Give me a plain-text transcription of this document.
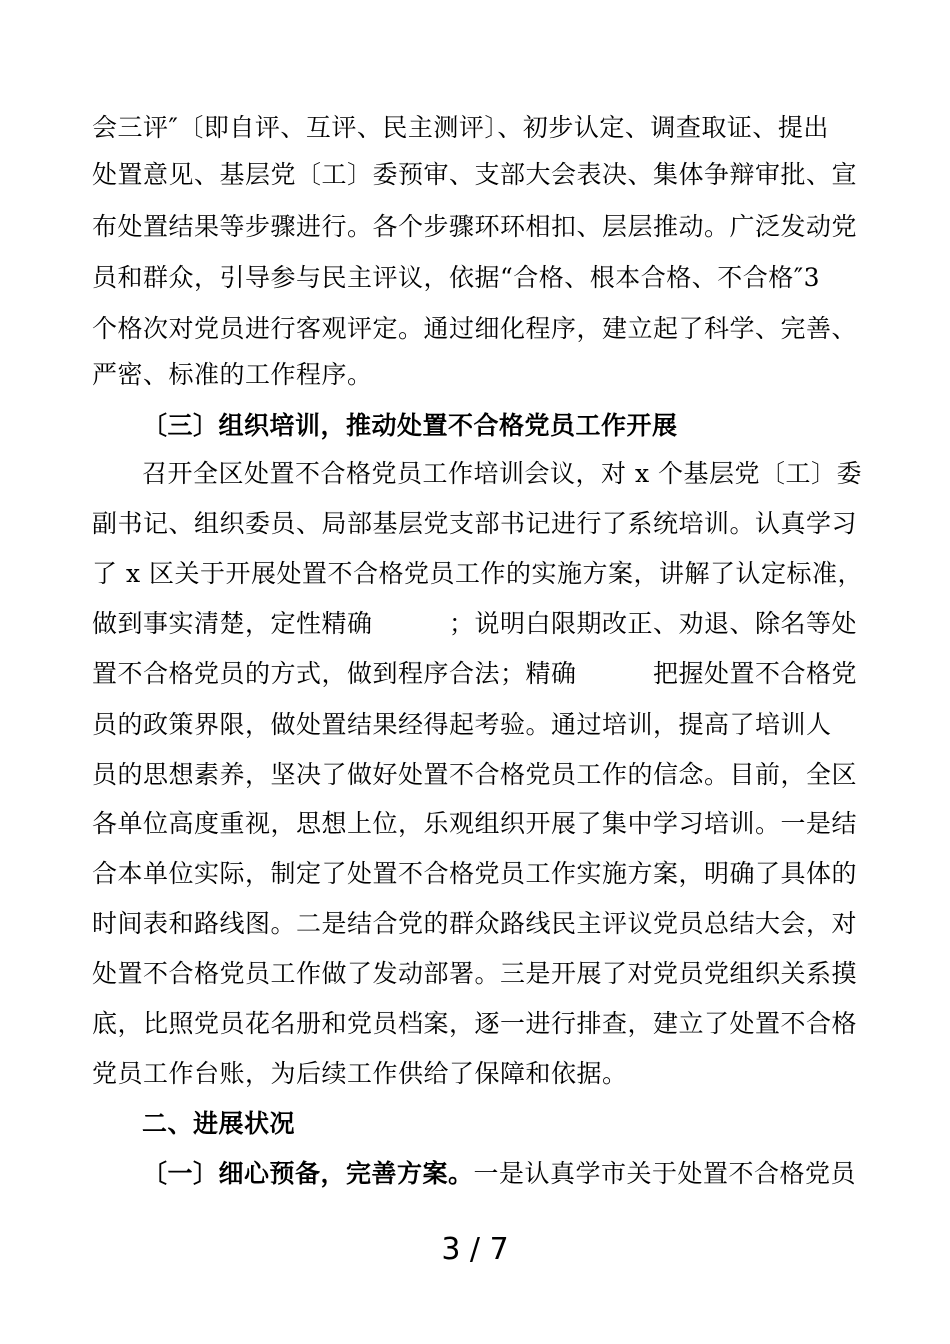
会三评″〔即自评、互评、民主测评〕、初步认定、调查取证、提出
处置意见、基层党〔工〕委预审、支部大会表决、集体争辩审批、宣
布处置结果等步骤进行。各个步骤环环相扣、层层推动。广泛发动党
员和群众，引导参与民主评议，依据“合格、根本合格、不合格″3
个格次对党员进行客观评定。通过细化程序，建立起了科学、完善、
严密、标准的工作程序。
〔三〕组织培训，推动处置不合格党员工作开展
召开全区处置不合格党员工作培训会议，对 x 个基层党〔工〕委
副书记、组织委员、局部基层党支部书记进行了系统培训。认真学习
了 x 区关于开展处置不合格党员工作的实施方案，讲解了认定标准，
做到事实清楚，定性精确　　　；说明白限期改正、劝退、除名等处
置不合格党员的方式，做到程序合法；精确　　　把握处置不合格党
员的政策界限，做处置结果经得起考验。通过培训，提高了培训人
员的思想素养，坚决了做好处置不合格党员工作的信念。目前，全区
各单位高度重视，思想上位，乐观组织开展了集中学习培训。一是结
合本单位实际，制定了处置不合格党员工作实施方案，明确了具体的
时间表和路线图。二是结合党的群众路线民主评议党员总结大会，对
处置不合格党员工作做了发动部署。三是开展了对党员党组织关系摸
底，比照党员花名册和党员档案，逐一进行排查，建立了处置不合格
党员工作台账，为后续工作供给了保障和依据。
二、进展状况
〔一〕细心预备，完善方案。一是认真学市关于处置不合格党员
3 / 7
